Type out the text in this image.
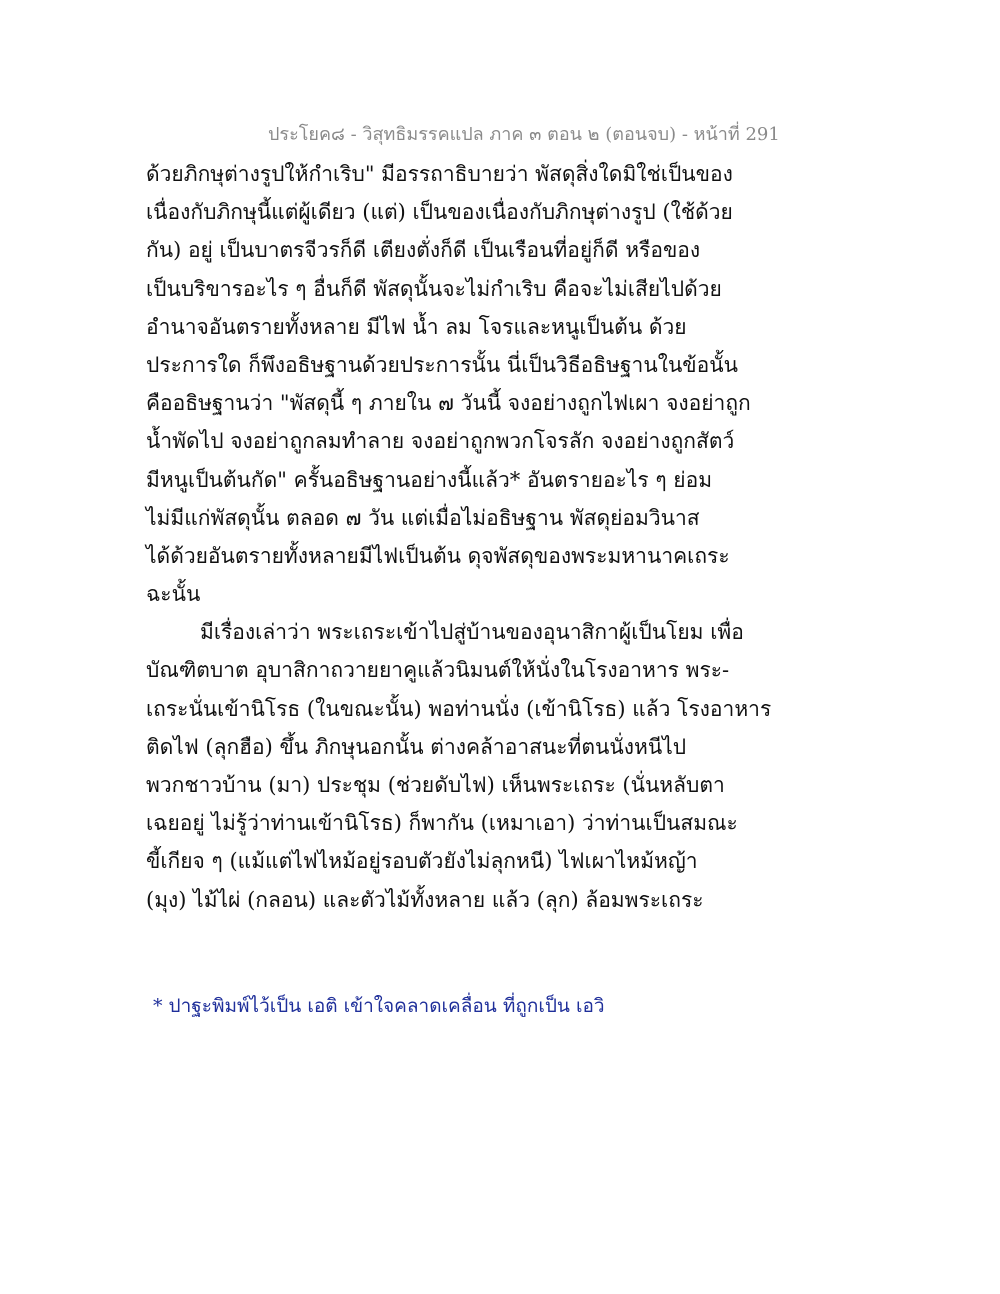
ประโยค๘ - วิสุทธิมรรคแปล ภาค ๓ ตอน ๒ (ตอนจบ) - หน้าที่ 291
ด้วยภิกษุต่างรูปให้กำเริบ" มีอรรถาธิบายว่า พัสดุสิ่งใดมิใช่เป็นของ
เนื่องกับภิกษุนี้แต่ผู้เดียว (แต่) เป็นของเนื่องกับภิกษุต่างรูป (ใช้ด้วย
กัน) อยู่ เป็นบาตรจีวรก็ดี เตียงตั่งก็ดี เป็นเรือนที่อยู่ก็ดี หรือของ
เป็นบริขารอะไร ๆ อื่นก็ดี พัสดุนั้นจะไม่กำเริบ คือจะไม่เสียไปด้วย
อำนาจอันตรายทั้งหลาย มีไฟ น้ำ ลม โจรและหนูเป็นต้น ด้วย
ประการใด ก็พึงอธิษฐานด้วยประการนั้น นี่เป็นวิธีอธิษฐานในข้อนั้น
คืออธิษฐานว่า "พัสดุนี้ ๆ ภายใน ๗ วันนี้ จงอย่างถูกไฟเผา จงอย่าถูก
น้ำพัดไป จงอย่าถูกลมทำลาย จงอย่าถูกพวกโจรลัก จงอย่างถูกสัตว์
มีหนูเป็นต้นกัด" ครั้นอธิษฐานอย่างนี้แล้ว* อันตรายอะไร ๆ ย่อม
ไม่มีแก่พัสดุนั้น ตลอด ๗ วัน แต่เมื่อไม่อธิษฐาน พัสดุย่อมวินาส
ได้ด้วยอันตรายทั้งหลายมีไฟเป็นต้น ดุจพัสดุของพระมหานาคเถระ
ฉะนั้น
มีเรื่องเล่าว่า พระเถระเข้าไปสู่บ้านของอุนาสิกาผู้เป็นโยม เพื่อ
บัณฑิตบาต อุบาสิกาถวายยาคูแล้วนิมนต์ให้นั่งในโรงอาหาร พระ-
เถระนั่นเข้านิโรธ (ในขณะนั้น) พอท่านนั่ง (เข้านิโรธ) แล้ว โรงอาหาร
ติดไฟ (ลุกฮือ) ขึ้น ภิกษุนอกนั้น ต่างคล้าอาสนะที่ตนนั่งหนีไป
พวกชาวบ้าน (มา) ประชุม (ช่วยดับไฟ) เห็นพระเถระ (นั่นหลับตา
เฉยอยู่ ไม่รู้ว่าท่านเข้านิโรธ) ก็พากัน (เหมาเอา) ว่าท่านเป็นสมณะ
ขี้เกียจ ๆ (แม้แต่ไฟไหม้อยู่รอบตัวยังไม่ลุกหนี) ไฟเผาไหม้หญ้า
(มุง) ไม้ไผ่ (กลอน) และตัวไม้ทั้งหลาย แล้ว (ลุก) ล้อมพระเถระ
* ปาฐะพิมพ์ไว้เป็น เอติ เข้าใจคลาดเคลื่อน ที่ถูกเป็น เอวิ
